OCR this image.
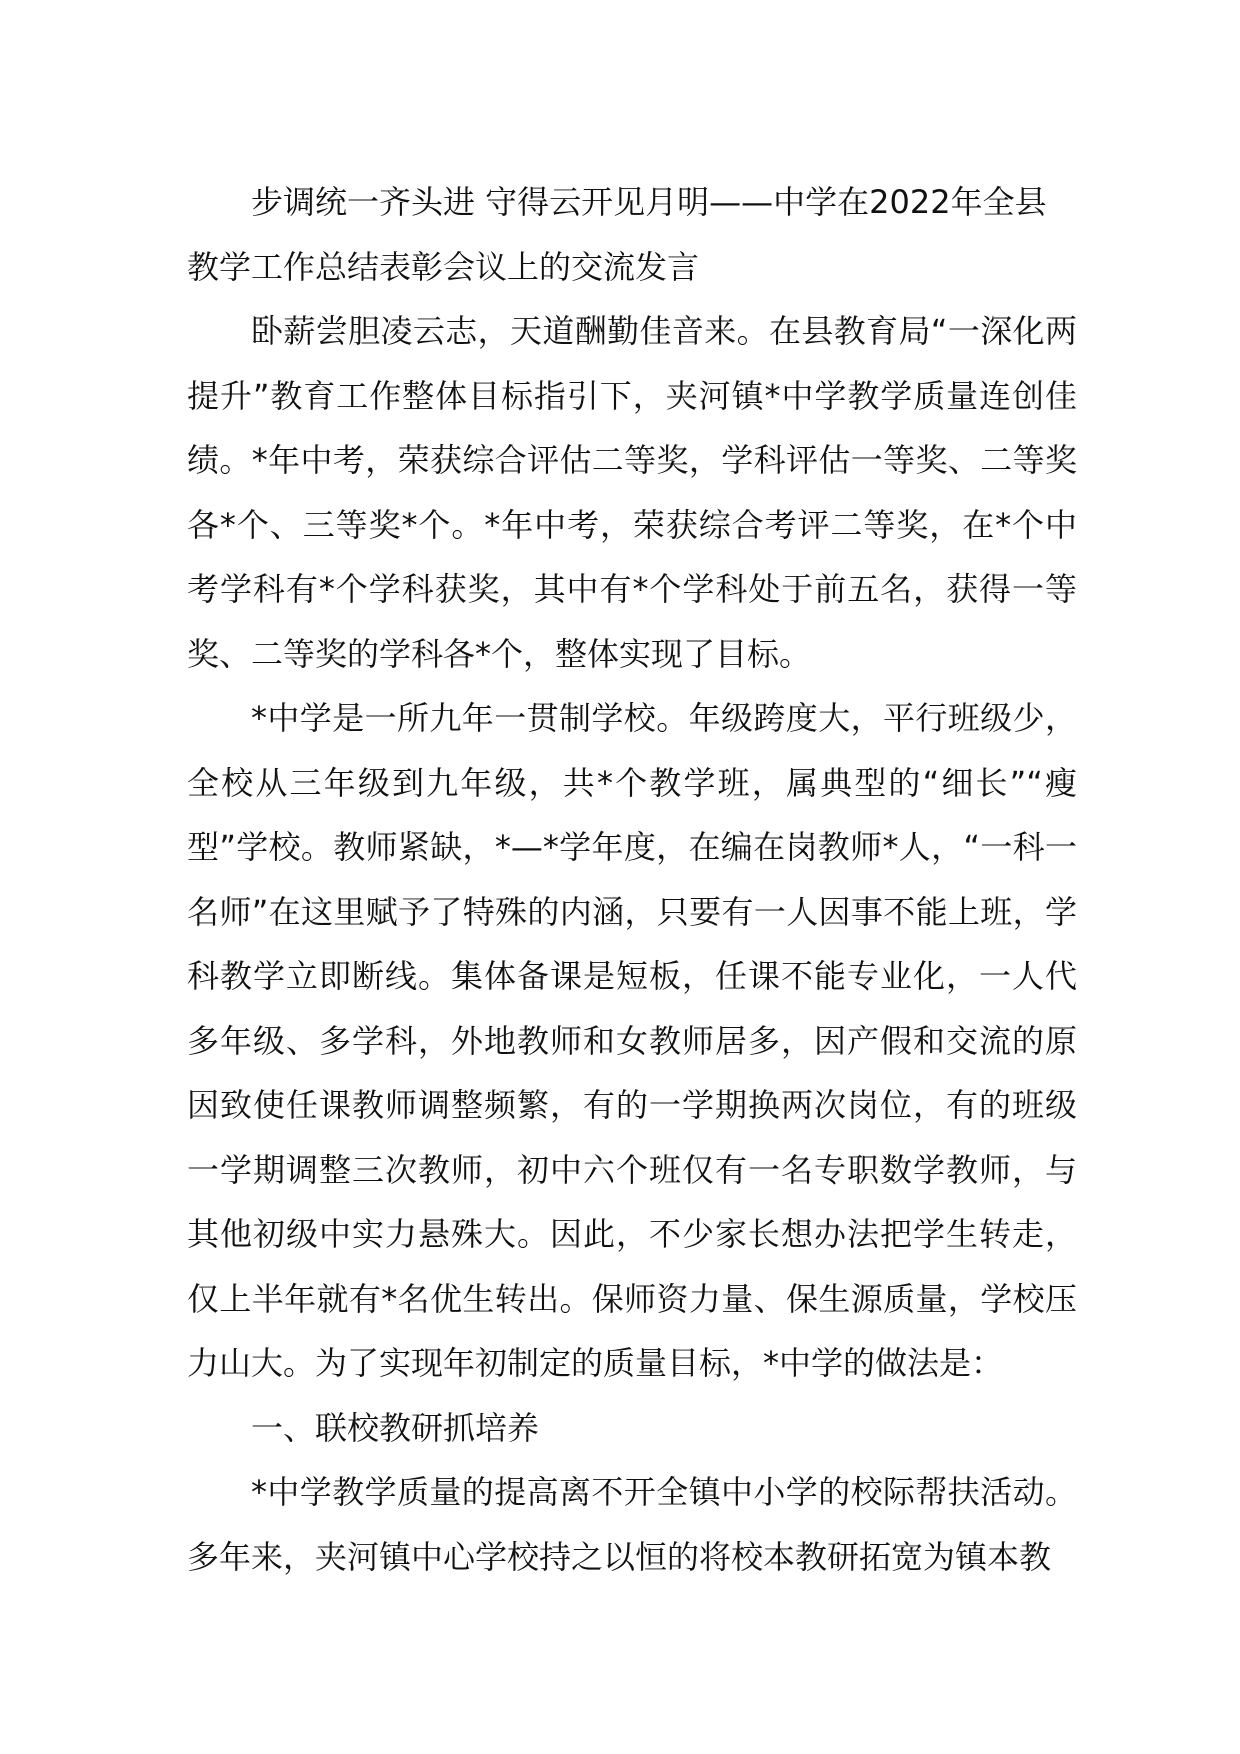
步调统一齐头进 守得云开见月明——中学在2022年全县教学工作总结表彰会议上的交流发言

卧薪尝胆凌云志，天道酬勤佳音来。在县教育局“一深化两提升”教育工作整体目标指引下，夹河镇*中学教学质量连创佳绩。*年中考，荣获综合评估二等奖，学科评估一等奖、二等奖各*个、三等奖*个。*年中考，荣获综合考评二等奖，在*个中考学科有*个学科获奖，其中有*个学科处于前五名，获得一等奖、二等奖的学科各*个，整体实现了目标。

*中学是一所九年一贯制学校。年级跨度大，平行班级少，全校从三年级到九年级，共*个教学班，属典型的“细长”“瘦型”学校。教师紧缺，*—*学年度，在编在岗教师*人，“一科一名师”在这里赋予了特殊的内涵，只要有一人因事不能上班，学科教学立即断线。集体备课是短板，任课不能专业化，一人代多年级、多学科，外地教师和女教师居多，因产假和交流的原因致使任课教师调整频繁，有的一学期换两次岗位，有的班级一学期调整三次教师，初中六个班仅有一名专职数学教师，与其他初级中实力悬殊大。因此，不少家长想办法把学生转走，仅上半年就有*名优生转出。保师资力量、保生源质量，学校压力山大。为了实现年初制定的质量目标，*中学的做法是：

一、联校教研抓培养

*中学教学质量的提高离不开全镇中小学的校际帮扶活动。多年来，夹河镇中心学校持之以恒的将校本教研拓宽为镇本教
